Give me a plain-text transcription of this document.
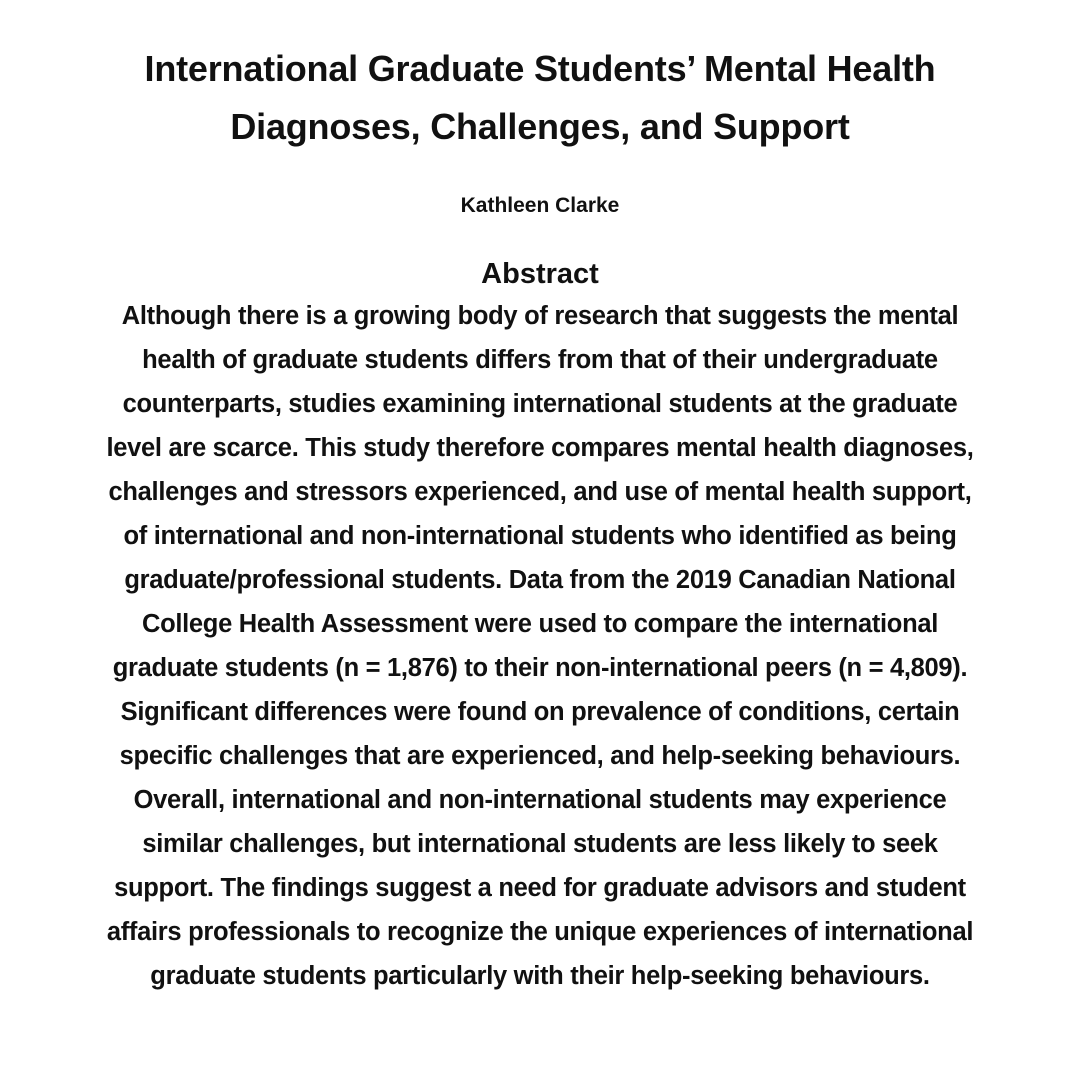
International Graduate Students’ Mental Health
Diagnoses, Challenges, and Support

Kathleen Clarke

Abstract

Although there is a growing body of research that suggests the mental
health of graduate students differs from that of their undergraduate
counterparts, studies examining international students at the graduate
level are scarce. This study therefore compares mental health diagnoses,
challenges and stressors experienced, and use of mental health support,
of international and non-international students who identified as being
graduate/professional students. Data from the 2019 Canadian National
College Health Assessment were used to compare the international
graduate students (n = 1,876) to their non-international peers (n = 4,809).
Significant differences were found on prevalence of conditions, certain
specific challenges that are experienced, and help-seeking behaviours.
Overall, international and non-international students may experience
similar challenges, but international students are less likely to seek
support. The findings suggest a need for graduate advisors and student
affairs professionals to recognize the unique experiences of international
graduate students particularly with their help-seeking behaviours.
